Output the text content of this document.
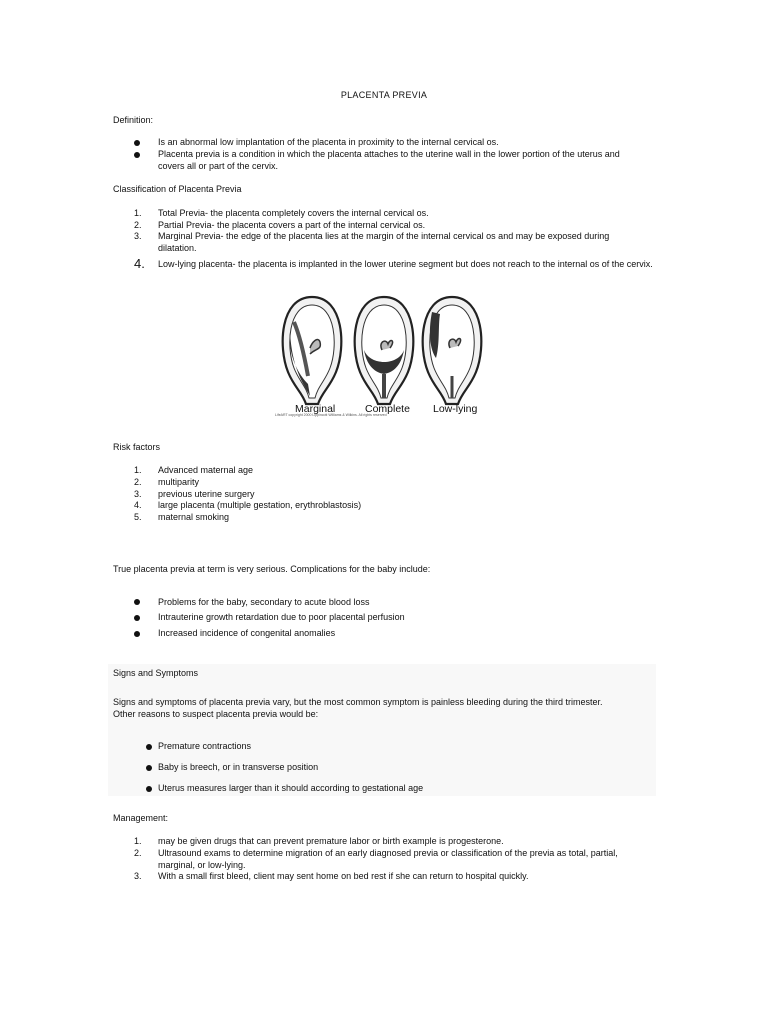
PLACENTA PREVIA
Definition:
Is an abnormal low implantation of the placenta in proximity to the internal cervical os.
Placenta previa is a condition in which the placenta attaches to the uterine wall in the lower portion of the uterus and covers all or part of the cervix.
Classification of Placenta Previa
1. Total Previa- the placenta completely covers the internal cervical os.
2. Partial Previa- the placenta covers a part of the internal cervical os.
3. Marginal Previa- the edge of the placenta lies at the margin of the internal cervical os and may be exposed during dilatation.
4. Low-lying placenta- the placenta is implanted in the lower uterine segment but does not reach to the internal os of the cervix.
Marginal	Complete Low-lying
LifeART copyright 2000 Lippincott Williams & Wilkins. All rights reserved
Risk factors
1. Advanced maternal age
2. multiparity
3. previous uterine surgery
4. large placenta (multiple gestation, erythroblastosis)
5. maternal smoking
True placenta previa at term is very serious. Complications for the baby include:
Problems for the baby, secondary to acute blood loss
Intrauterine growth retardation due to poor placental perfusion
Increased incidence of congenital anomalies
Signs and Symptoms
Signs and symptoms of placenta previa vary, but the most common symptom is painless bleeding during the third trimester. Other reasons to suspect placenta previa would be:
Premature contractions
Baby is breech, or in transverse position
Uterus measures larger than it should according to gestational age
Management:
1. may be given drugs that can prevent premature labor or birth example is progesterone.
2. Ultrasound exams to determine migration of an early diagnosed previa or classification of the previa as total, partial, marginal, or low-lying.
3. With a small first bleed, client may sent home on bed rest if she can return to hospital quickly.
